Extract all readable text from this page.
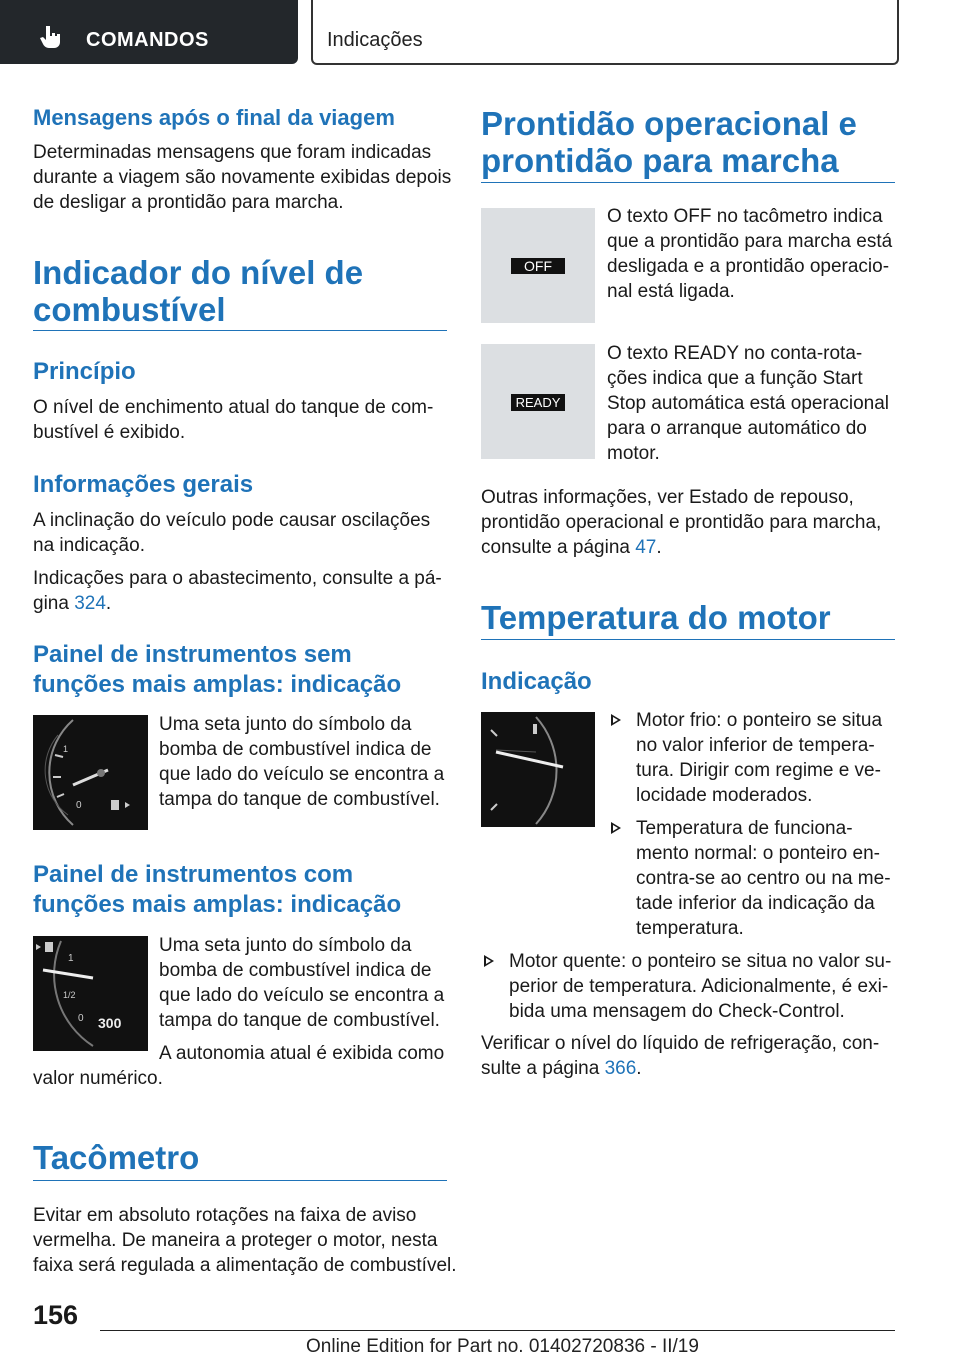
COMANDOS	Indicações
Mensagens após o final da viagem
Determinadas mensagens que foram indicadas
durante a viagem são novamente exibidas depois
de desligar a prontidão para marcha.
Indicador do nível de
combustível
Princípio
O nível de enchimento atual do tanque de com-
bustível é exibido.
Informações gerais
A inclinação do veículo pode causar oscilações
na indicação.
Indicações para o abastecimento, consulte a pá-
gina 324.
Painel de instrumentos sem
funções mais amplas: indicação
1
0
Uma seta junto do símbolo da
bomba de combustível indica de
que lado do veículo se encontra a
tampa do tanque de combustível.
Painel de instrumentos com
funções mais amplas: indicação
1
1/2
0 300
Uma seta junto do símbolo da
bomba de combustível indica de
que lado do veículo se encontra a
tampa do tanque de combustível.
A autonomia atual é exibida como
valor numérico.
Tacômetro
Evitar em absoluto rotações na faixa de aviso
vermelha. De maneira a proteger o motor, nesta
faixa será regulada a alimentação de combustível.
Prontidão operacional e
prontidão para marcha
OFF
O texto OFF no tacômetro indica
que a prontidão para marcha está
desligada e a prontidão operacio-
nal está ligada.
READY
O texto READY no conta-rota-
ções indica que a função Start
Stop automática está operacional
para o arranque automático do
motor.
Outras informações, ver Estado de repouso,
prontidão operacional e prontidão para marcha,
consulte a página 47.
Temperatura do motor
Indicação
Motor frio: o ponteiro se situa
no valor inferior de tempera-
tura. Dirigir com regime e ve-
locidade moderados.
Temperatura de funciona-
mento normal: o ponteiro en-
contra-se ao centro ou na me-
tade inferior da indicação da
temperatura.
Motor quente: o ponteiro se situa no valor su-
perior de temperatura. Adicionalmente, é exi-
bida uma mensagem do Check-Control.
Verificar o nível do líquido de refrigeração, con-
sulte a página 366.
156
Online Edition for Part no. 01402720836 - II/19
